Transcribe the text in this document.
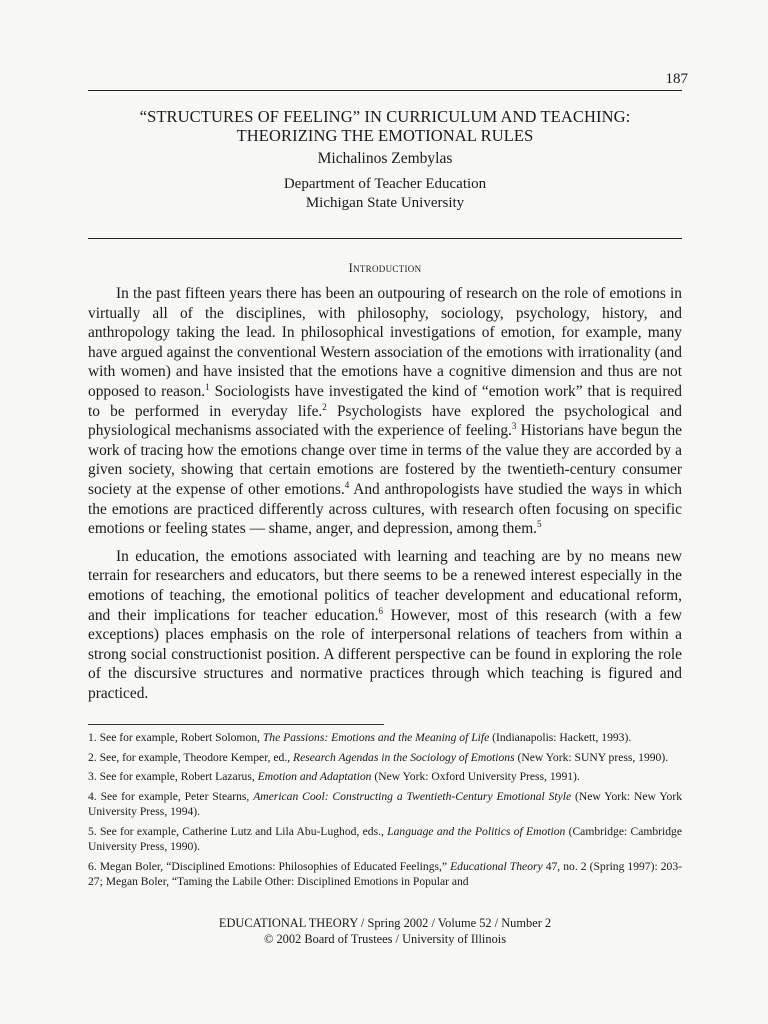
187
“STRUCTURES OF FEELING” IN CURRICULUM AND TEACHING:
THEORIZING THE EMOTIONAL RULES
Michalinos Zembylas
Department of Teacher Education
Michigan State University
Introduction

In the past fifteen years there has been an outpouring of research on the role of emotions in virtually all of the disciplines, with philosophy, sociology, psychology, history, and anthropology taking the lead. In philosophical investigations of emotion, for example, many have argued against the conventional Western association of the emotions with irrationality (and with women) and have insisted that the emotions have a cognitive dimension and thus are not opposed to reason.$^1$ Sociologists have investigated the kind of “emotion work” that is required to be performed in everyday life.$^2$ Psychologists have explored the psychological and physiological mechanisms associated with the experience of feeling.$^3$ Historians have begun the work of tracing how the emotions change over time in terms of the value they are accorded by a given society, showing that certain emotions are fostered by the twentieth-century consumer society at the expense of other emotions.$^4$ And anthropologists have studied the ways in which the emotions are practiced differently across cultures, with research often focusing on specific emotions or feeling states — shame, anger, and depression, among them.$^5$

In education, the emotions associated with learning and teaching are by no means new terrain for researchers and educators, but there seems to be a renewed interest especially in the emotions of teaching, the emotional politics of teacher development and educational reform, and their implications for teacher education.$^6$ However, most of this research (with a few exceptions) places emphasis on the role of interpersonal relations of teachers from within a strong social constructionist position. A different perspective can be found in exploring the role of the discursive structures and normative practices through which teaching is figured and practiced.

1. See for example, Robert Solomon, The Passions: Emotions and the Meaning of Life (Indianapolis: Hackett, 1993).

2. See, for example, Theodore Kemper, ed., Research Agendas in the Sociology of Emotions (New York: SUNY press, 1990).

3. See for example, Robert Lazarus, Emotion and Adaptation (New York: Oxford University Press, 1991).

4. See for example, Peter Stearns, American Cool: Constructing a Twentieth-Century Emotional Style (New York: New York University Press, 1994).

5. See for example, Catherine Lutz and Lila Abu-Lughod, eds., Language and the Politics of Emotion (Cambridge: Cambridge University Press, 1990).

6. Megan Boler, “Disciplined Emotions: Philosophies of Educated Feelings,” Educational Theory 47, no. 2 (Spring 1997): 203-27; Megan Boler, “Taming the Labile Other: Disciplined Emotions in Popular and

EDUCATIONAL THEORY / Spring 2002 / Volume 52 / Number 2
© 2002 Board of Trustees / University of Illinois
